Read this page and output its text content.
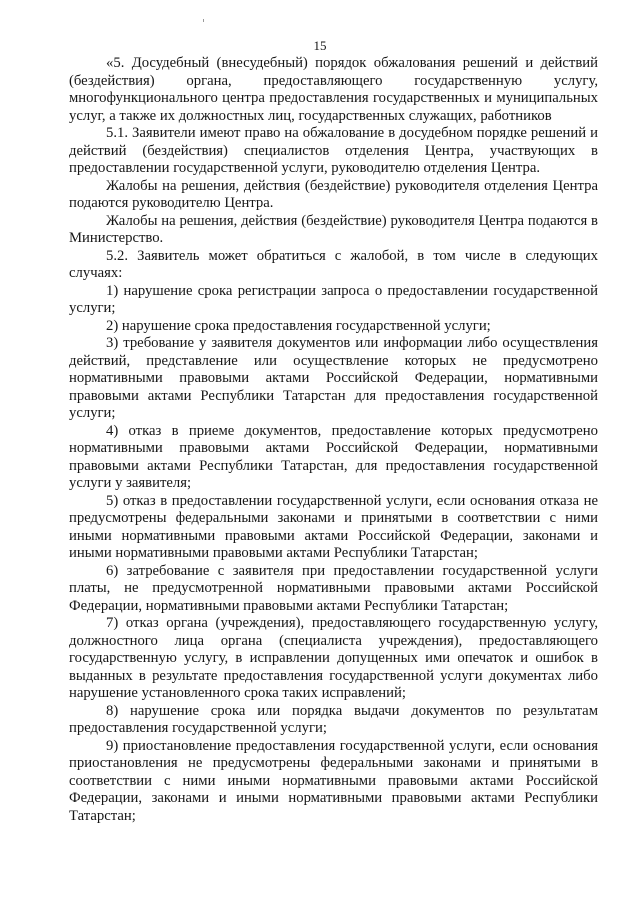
15

«5. Досудебный (внесудебный) порядок обжалования решений и действий (бездействия) органа, предоставляющего государственную услугу, многофункционального центра предоставления государственных и муниципальных услуг, а также их должностных лиц, государственных служащих, работников

5.1. Заявители имеют право на обжалование в досудебном порядке решений и действий (бездействия) специалистов отделения Центра, участвующих в предоставлении государственной услуги, руководителю отделения Центра.

Жалобы на решения, действия (бездействие) руководителя отделения Центра подаются руководителю Центра.

Жалобы на решения, действия (бездействие) руководителя Центра подаются в Министерство.

5.2. Заявитель может обратиться с жалобой, в том числе в следующих случаях:

1) нарушение срока регистрации запроса о предоставлении государственной услуги;

2) нарушение срока предоставления государственной услуги;

3) требование у заявителя документов или информации либо осуществления действий, представление или осуществление которых не предусмотрено нормативными правовыми актами Российской Федерации, нормативными правовыми актами Республики Татарстан для предоставления государственной услуги;

4) отказ в приеме документов, предоставление которых предусмотрено нормативными правовыми актами Российской Федерации, нормативными правовыми актами Республики Татарстан, для предоставления государственной услуги у заявителя;

5) отказ в предоставлении государственной услуги, если основания отказа не предусмотрены федеральными законами и принятыми в соответствии с ними иными нормативными правовыми актами Российской Федерации, законами и иными нормативными правовыми актами Республики Татарстан;

6) затребование с заявителя при предоставлении государственной услуги платы, не предусмотренной нормативными правовыми актами Российской Федерации, нормативными правовыми актами Республики Татарстан;

7) отказ органа (учреждения), предоставляющего государственную услугу, должностного лица органа (специалиста учреждения), предоставляющего государственную услугу, в исправлении допущенных ими опечаток и ошибок в выданных в результате предоставления государственной услуги документах либо нарушение установленного срока таких исправлений;

8) нарушение срока или порядка выдачи документов по результатам предоставления государственной услуги;

9) приостановление предоставления государственной услуги, если основания приостановления не предусмотрены федеральными законами и принятыми в соответствии с ними иными нормативными правовыми актами Российской Федерации, законами и иными нормативными правовыми актами Республики Татарстан;
